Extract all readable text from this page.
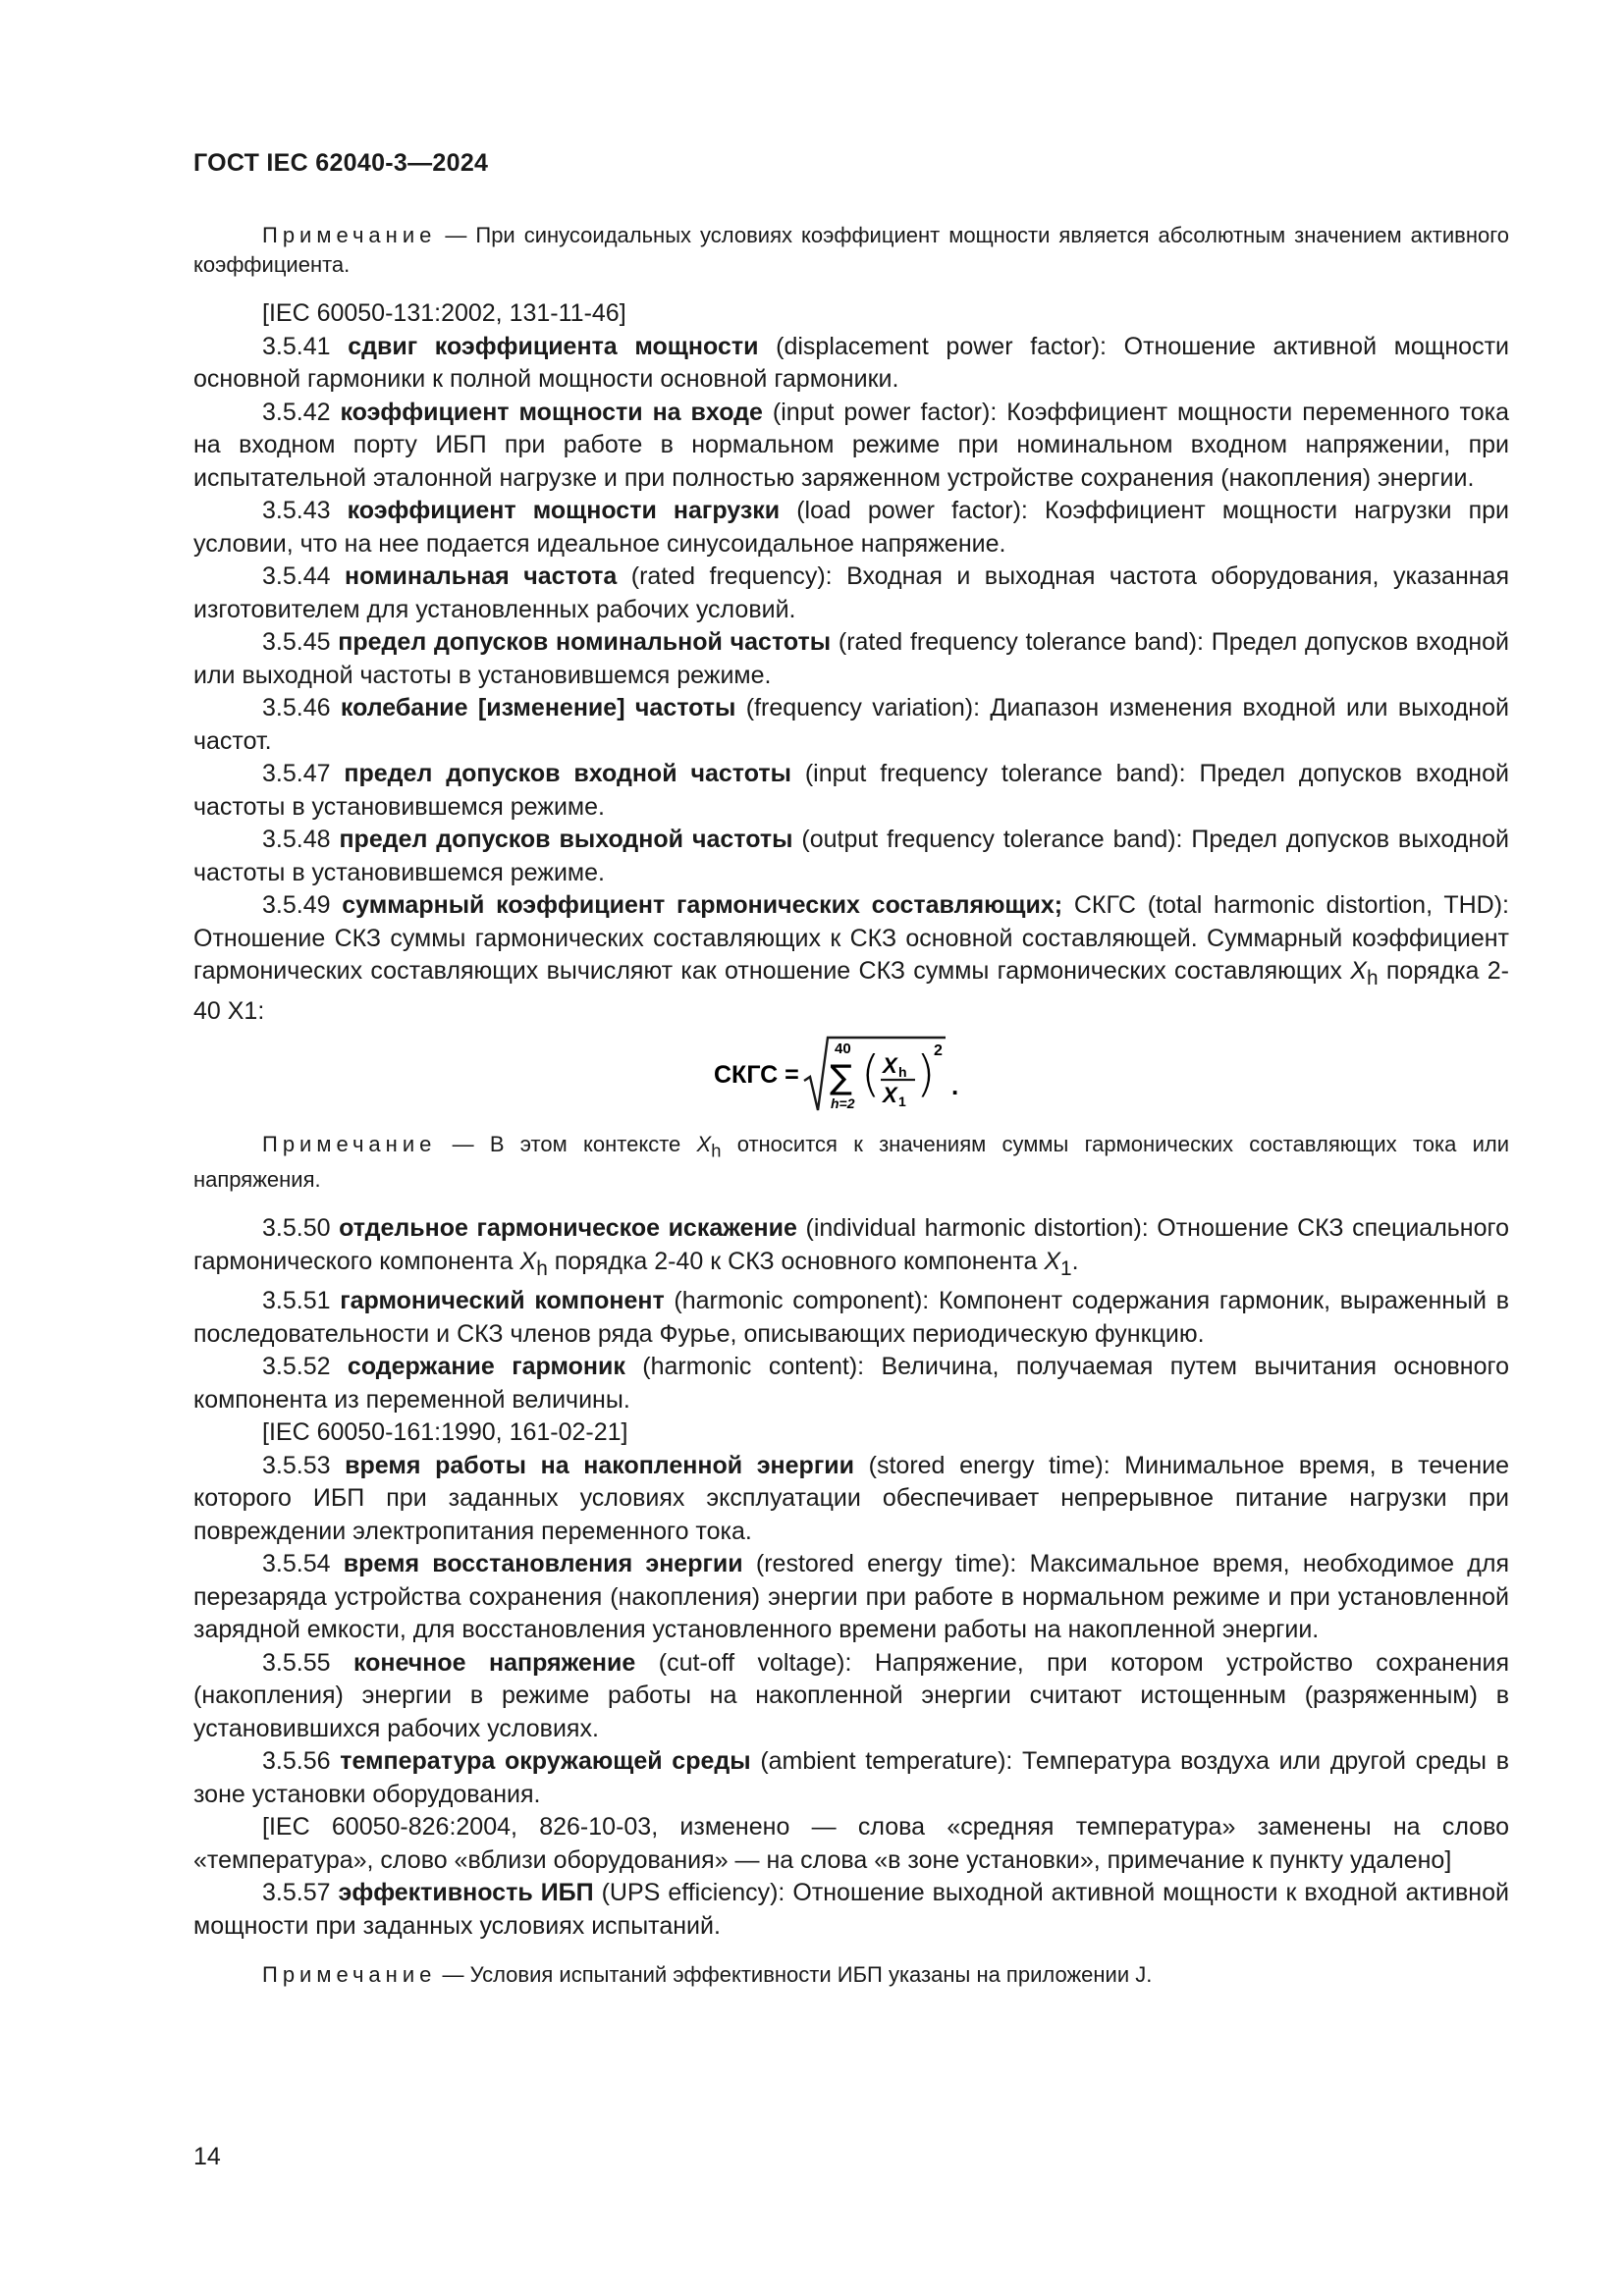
ГОСТ IEC 62040-3—2024

Примечание — При синусоидальных условиях коэффициент мощности является абсолютным значением активного коэффициента.

[IEC 60050-131:2002, 131-11-46]

3.5.41 сдвиг коэффициента мощности (displacement power factor): Отношение активной мощности основной гармоники к полной мощности основной гармоники.

3.5.42 коэффициент мощности на входе (input power factor): Коэффициент мощности переменного тока на входном порту ИБП при работе в нормальном режиме при номинальном входном напряжении, при испытательной эталонной нагрузке и при полностью заряженном устройстве сохранения (накопления) энергии.

3.5.43 коэффициент мощности нагрузки (load power factor): Коэффициент мощности нагрузки при условии, что на нее подается идеальное синусоидальное напряжение.

3.5.44 номинальная частота (rated frequency): Входная и выходная частота оборудования, указанная изготовителем для установленных рабочих условий.

3.5.45 предел допусков номинальной частоты (rated frequency tolerance band): Предел допусков входной или выходной частоты в установившемся режиме.

3.5.46 колебание [изменение] частоты (frequency variation): Диапазон изменения входной или выходной частот.

3.5.47 предел допусков входной частоты (input frequency tolerance band): Предел допусков входной частоты в установившемся режиме.

3.5.48 предел допусков выходной частоты (output frequency tolerance band): Предел допусков выходной частоты в установившемся режиме.

3.5.49 суммарный коэффициент гармонических составляющих; СКГС (total harmonic distortion, THD): Отношение СКЗ суммы гармонических составляющих к СКЗ основной составляющей. Суммарный коэффициент гармонических составляющих вычисляют как отношение СКЗ суммы гармонических составляющих $X_h$ порядка 2-40 X1:

СКГС =
40
∑
h=2
( X h
X 1 )
2
.

Примечание — В этом контексте $X_h$ относится к значениям суммы гармонических составляющих тока или напряжения.

3.5.50 отдельное гармоническое искажение (individual harmonic distortion): Отношение СКЗ специального гармонического компонента $X_h$ порядка 2-40 к СКЗ основного компонента $X_1$.

3.5.51 гармонический компонент (harmonic component): Компонент содержания гармоник, выраженный в последовательности и СКЗ членов ряда Фурье, описывающих периодическую функцию.

3.5.52 содержание гармоник (harmonic content): Величина, получаемая путем вычитания основного компонента из переменной величины.

[IEC 60050-161:1990, 161-02-21]

3.5.53 время работы на накопленной энергии (stored energy time): Минимальное время, в течение которого ИБП при заданных условиях эксплуатации обеспечивает непрерывное питание нагрузки при повреждении электропитания переменного тока.

3.5.54 время восстановления энергии (restored energy time): Максимальное время, необходимое для перезаряда устройства сохранения (накопления) энергии при работе в нормальном режиме и при установленной зарядной емкости, для восстановления установленного времени работы на накопленной энергии.

3.5.55 конечное напряжение (cut-off voltage): Напряжение, при котором устройство сохранения (накопления) энергии в режиме работы на накопленной энергии считают истощенным (разряженным) в установившихся рабочих условиях.

3.5.56 температура окружающей среды (ambient temperature): Температура воздуха или другой среды в зоне установки оборудования.

[IEC 60050-826:2004, 826-10-03, изменено — слова «средняя температура» заменены на слово «температура», слово «вблизи оборудования» — на слова «в зоне установки», примечание к пункту удалено]

3.5.57 эффективность ИБП (UPS efficiency): Отношение выходной активной мощности к входной активной мощности при заданных условиях испытаний.

Примечание — Условия испытаний эффективности ИБП указаны на приложении J.

14
